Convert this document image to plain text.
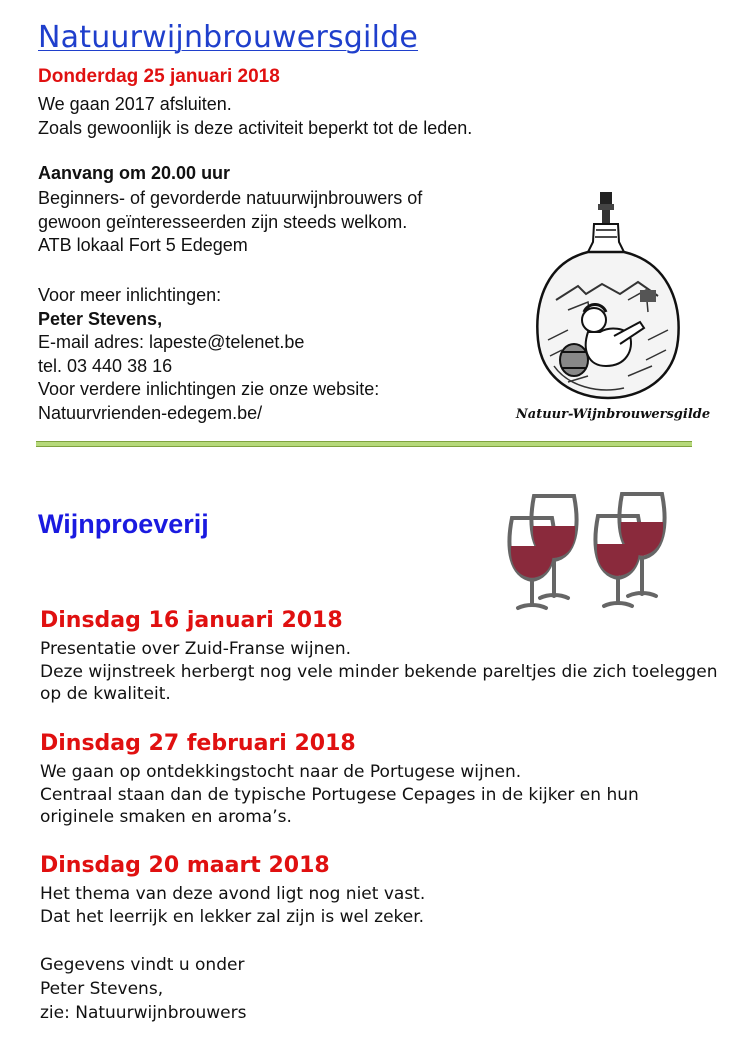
Natuurwijnbrouwersgilde
Donderdag 25 januari 2018
We gaan 2017 afsluiten.
Zoals gewoonlijk is deze activiteit beperkt tot de leden.
Aanvang om 20.00 uur
Beginners- of gevorderde natuurwijnbrouwers of
gewoon geïnteresseerden zijn steeds welkom.
ATB lokaal Fort 5 Edegem
Voor meer inlichtingen:
Peter Stevens,
E-mail adres: lapeste@telenet.be
tel. 03 440 38 16
Voor verdere inlichtingen zie onze website:
Natuurvrienden-edegem.be/	Natuur-Wijnbrouwersgilde
Wijnproeverij
Dinsdag 16 januari 2018
Presentatie over Zuid-Franse wijnen.
Deze wijnstreek herbergt nog vele minder bekende pareltjes die zich toeleggen
op de kwaliteit.
Dinsdag 27 februari 2018
We gaan op ontdekkingstocht naar de Portugese wijnen.
Centraal staan dan de typische Portugese Cepages in de kijker en hun
originele smaken en aroma’s.
Dinsdag 20 maart 2018
Het thema van deze avond ligt nog niet vast.
Dat het leerrijk en lekker zal zijn is wel zeker.
Gegevens vindt u onder
Peter Stevens,
zie: Natuurwijnbrouwers
